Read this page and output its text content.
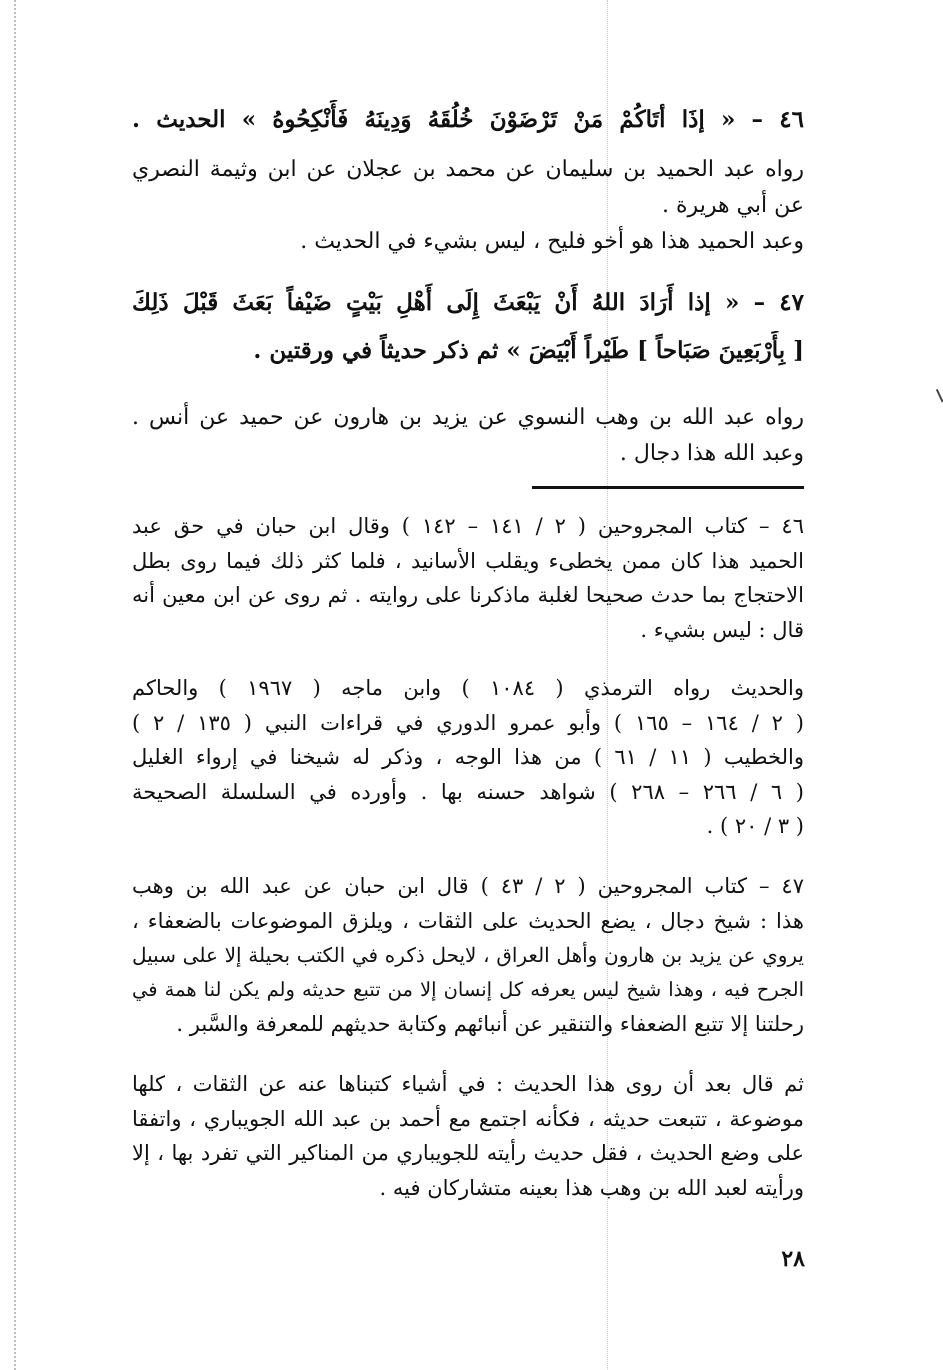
٤٦ – « إذَا أتَاكُمْ مَنْ تَرْضَوْنَ خُلُقَهُ وَدِينَهُ فَأَنْكِحُوهُ » الحديث .
رواه عبد الحميد بن سليمان عن محمد بن عجلان عن ابن وثيمة النصري
عن أبي هريرة .
وعبد الحميد هذا هو أخو فليح ، ليس بشيء في الحديث .
٤٧ – « إذا أَرَادَ اللهُ أَنْ يَبْعَثَ إِلَى أَهْلِ بَيْتٍ ضَيْفاً بَعَثَ قَبْلَ ذَلِكَ
[ بِأَرْبَعِينَ صَبَاحاً ] طَيْراً أَبْيَضَ » ثم ذكر حديثاً في ورقتين .
رواه عبد الله بن وهب النسوي عن يزيد بن هارون عن حميد عن أنس .
وعبد الله هذا دجال .
٤٦ – كتاب المجروحين ( ٢ / ١٤١ – ١٤٢ ) وقال ابن حبان في حق عبد
الحميد هذا كان ممن يخطىء ويقلب الأسانيد ، فلما كثر ذلك فيما روى بطل
الاحتجاج بما حدث صحيحا لغلبة ماذكرنا على روايته . ثم روى عن ابن معين أنه
قال : ليس بشيء .
والحديث رواه الترمذي ( ١٠٨٤ ) وابن ماجه ( ١٩٦٧ ) والحاكم
( ٢ / ١٦٤ – ١٦٥ ) وأبو عمرو الدوري في قراءات النبي ( ١٣٥ / ٢ )
والخطيب ( ١١ / ٦١ ) من هذا الوجه ، وذكر له شيخنا في إرواء الغليل
( ٦ / ٢٦٦ – ٢٦٨ ) شواهد حسنه بها . وأورده في السلسلة الصحيحة
( ٣ / ٢٠ ) .
٤٧ – كتاب المجروحين ( ٢ / ٤٣ ) قال ابن حبان عن عبد الله بن وهب
هذا : شيخ دجال ، يضع الحديث على الثقات ، ويلزق الموضوعات بالضعفاء ،
يروي عن يزيد بن هارون وأهل العراق ، لايحل ذكره في الكتب بحيلة إلا على سبيل
الجرح فيه ، وهذا شيخ ليس يعرفه كل إنسان إلا من تتبع حديثه ولم يكن لنا همة في
رحلتنا إلا تتبع الضعفاء والتنقير عن أنبائهم وكتابة حديثهم للمعرفة والسَّبر .
ثم قال بعد أن روى هذا الحديث : في أشياء كتبناها عنه عن الثقات ، كلها
موضوعة ، تتبعت حديثه ، فكأنه اجتمع مع أحمد بن عبد الله الجويباري ، واتفقا
على وضع الحديث ، فقل حديث رأيته للجويباري من المناكير التي تفرد بها ، إلا
ورأيته لعبد الله بن وهب هذا بعينه متشاركان فيه .
٢٨
